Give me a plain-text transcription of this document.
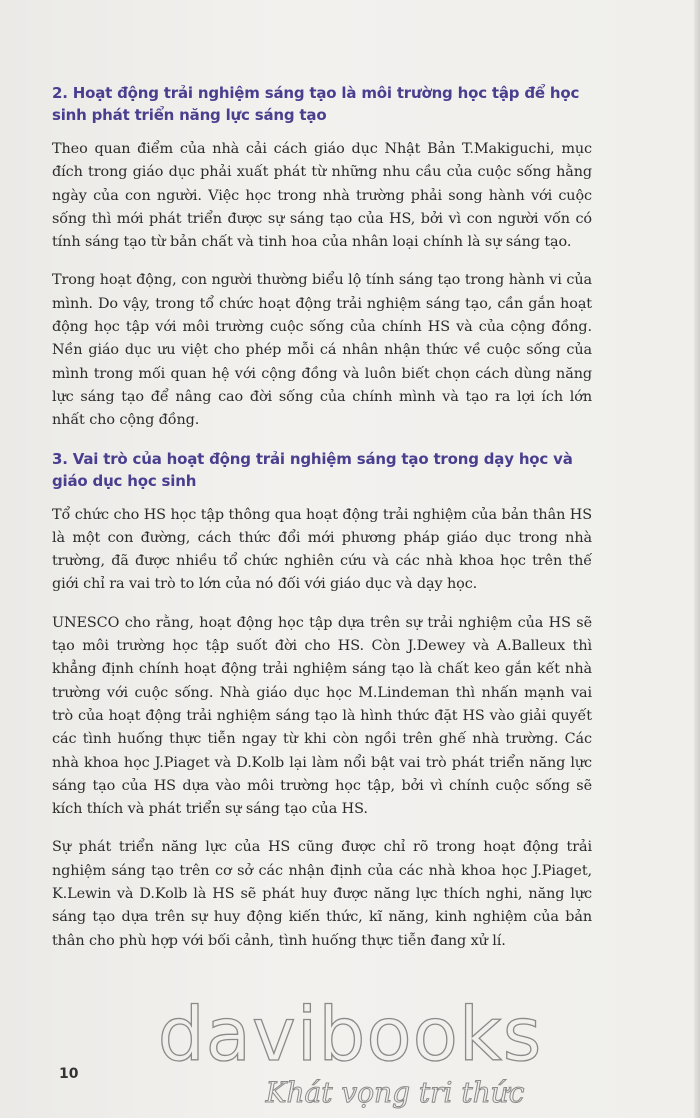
2. Hoạt động trải nghiệm sáng tạo là môi trường học tập để học sinh phát triển năng lực sáng tạo

Theo quan điểm của nhà cải cách giáo dục Nhật Bản T.Makiguchi, mục đích trong giáo dục phải xuất phát từ những nhu cầu của cuộc sống hằng ngày của con người. Việc học trong nhà trường phải song hành với cuộc sống thì mới phát triển được sự sáng tạo của HS, bởi vì con người vốn có tính sáng tạo từ bản chất và tinh hoa của nhân loại chính là sự sáng tạo.

Trong hoạt động, con người thường biểu lộ tính sáng tạo trong hành vi của mình. Do vậy, trong tổ chức hoạt động trải nghiệm sáng tạo, cần gắn hoạt động học tập với môi trường cuộc sống của chính HS và của cộng đồng. Nền giáo dục ưu việt cho phép mỗi cá nhân nhận thức về cuộc sống của mình trong mối quan hệ với cộng đồng và luôn biết chọn cách dùng năng lực sáng tạo để nâng cao đời sống của chính mình và tạo ra lợi ích lớn nhất cho cộng đồng.

3. Vai trò của hoạt động trải nghiệm sáng tạo trong dạy học và giáo dục học sinh

Tổ chức cho HS học tập thông qua hoạt động trải nghiệm của bản thân HS là một con đường, cách thức đổi mới phương pháp giáo dục trong nhà trường, đã được nhiều tổ chức nghiên cứu và các nhà khoa học trên thế giới chỉ ra vai trò to lớn của nó đối với giáo dục và dạy học.

UNESCO cho rằng, hoạt động học tập dựa trên sự trải nghiệm của HS sẽ tạo môi trường học tập suốt đời cho HS. Còn J.Dewey và A.Balleux thì khẳng định chính hoạt động trải nghiệm sáng tạo là chất keo gắn kết nhà trường với cuộc sống. Nhà giáo dục học M.Lindeman thì nhấn mạnh vai trò của hoạt động trải nghiệm sáng tạo là hình thức đặt HS vào giải quyết các tình huống thực tiễn ngay từ khi còn ngồi trên ghế nhà trường. Các nhà khoa học J.Piaget và D.Kolb lại làm nổi bật vai trò phát triển năng lực sáng tạo của HS dựa vào môi trường học tập, bởi vì chính cuộc sống sẽ kích thích và phát triển sự sáng tạo của HS.

Sự phát triển năng lực của HS cũng được chỉ rõ trong hoạt động trải nghiệm sáng tạo trên cơ sở các nhận định của các nhà khoa học J.Piaget, K.Lewin và D.Kolb là HS sẽ phát huy được năng lực thích nghi, năng lực sáng tạo dựa trên sự huy động kiến thức, kĩ năng, kinh nghiệm của bản thân cho phù hợp với bối cảnh, tình huống thực tiễn đang xử lí.

10 davibooks
Khát vọng tri thức
